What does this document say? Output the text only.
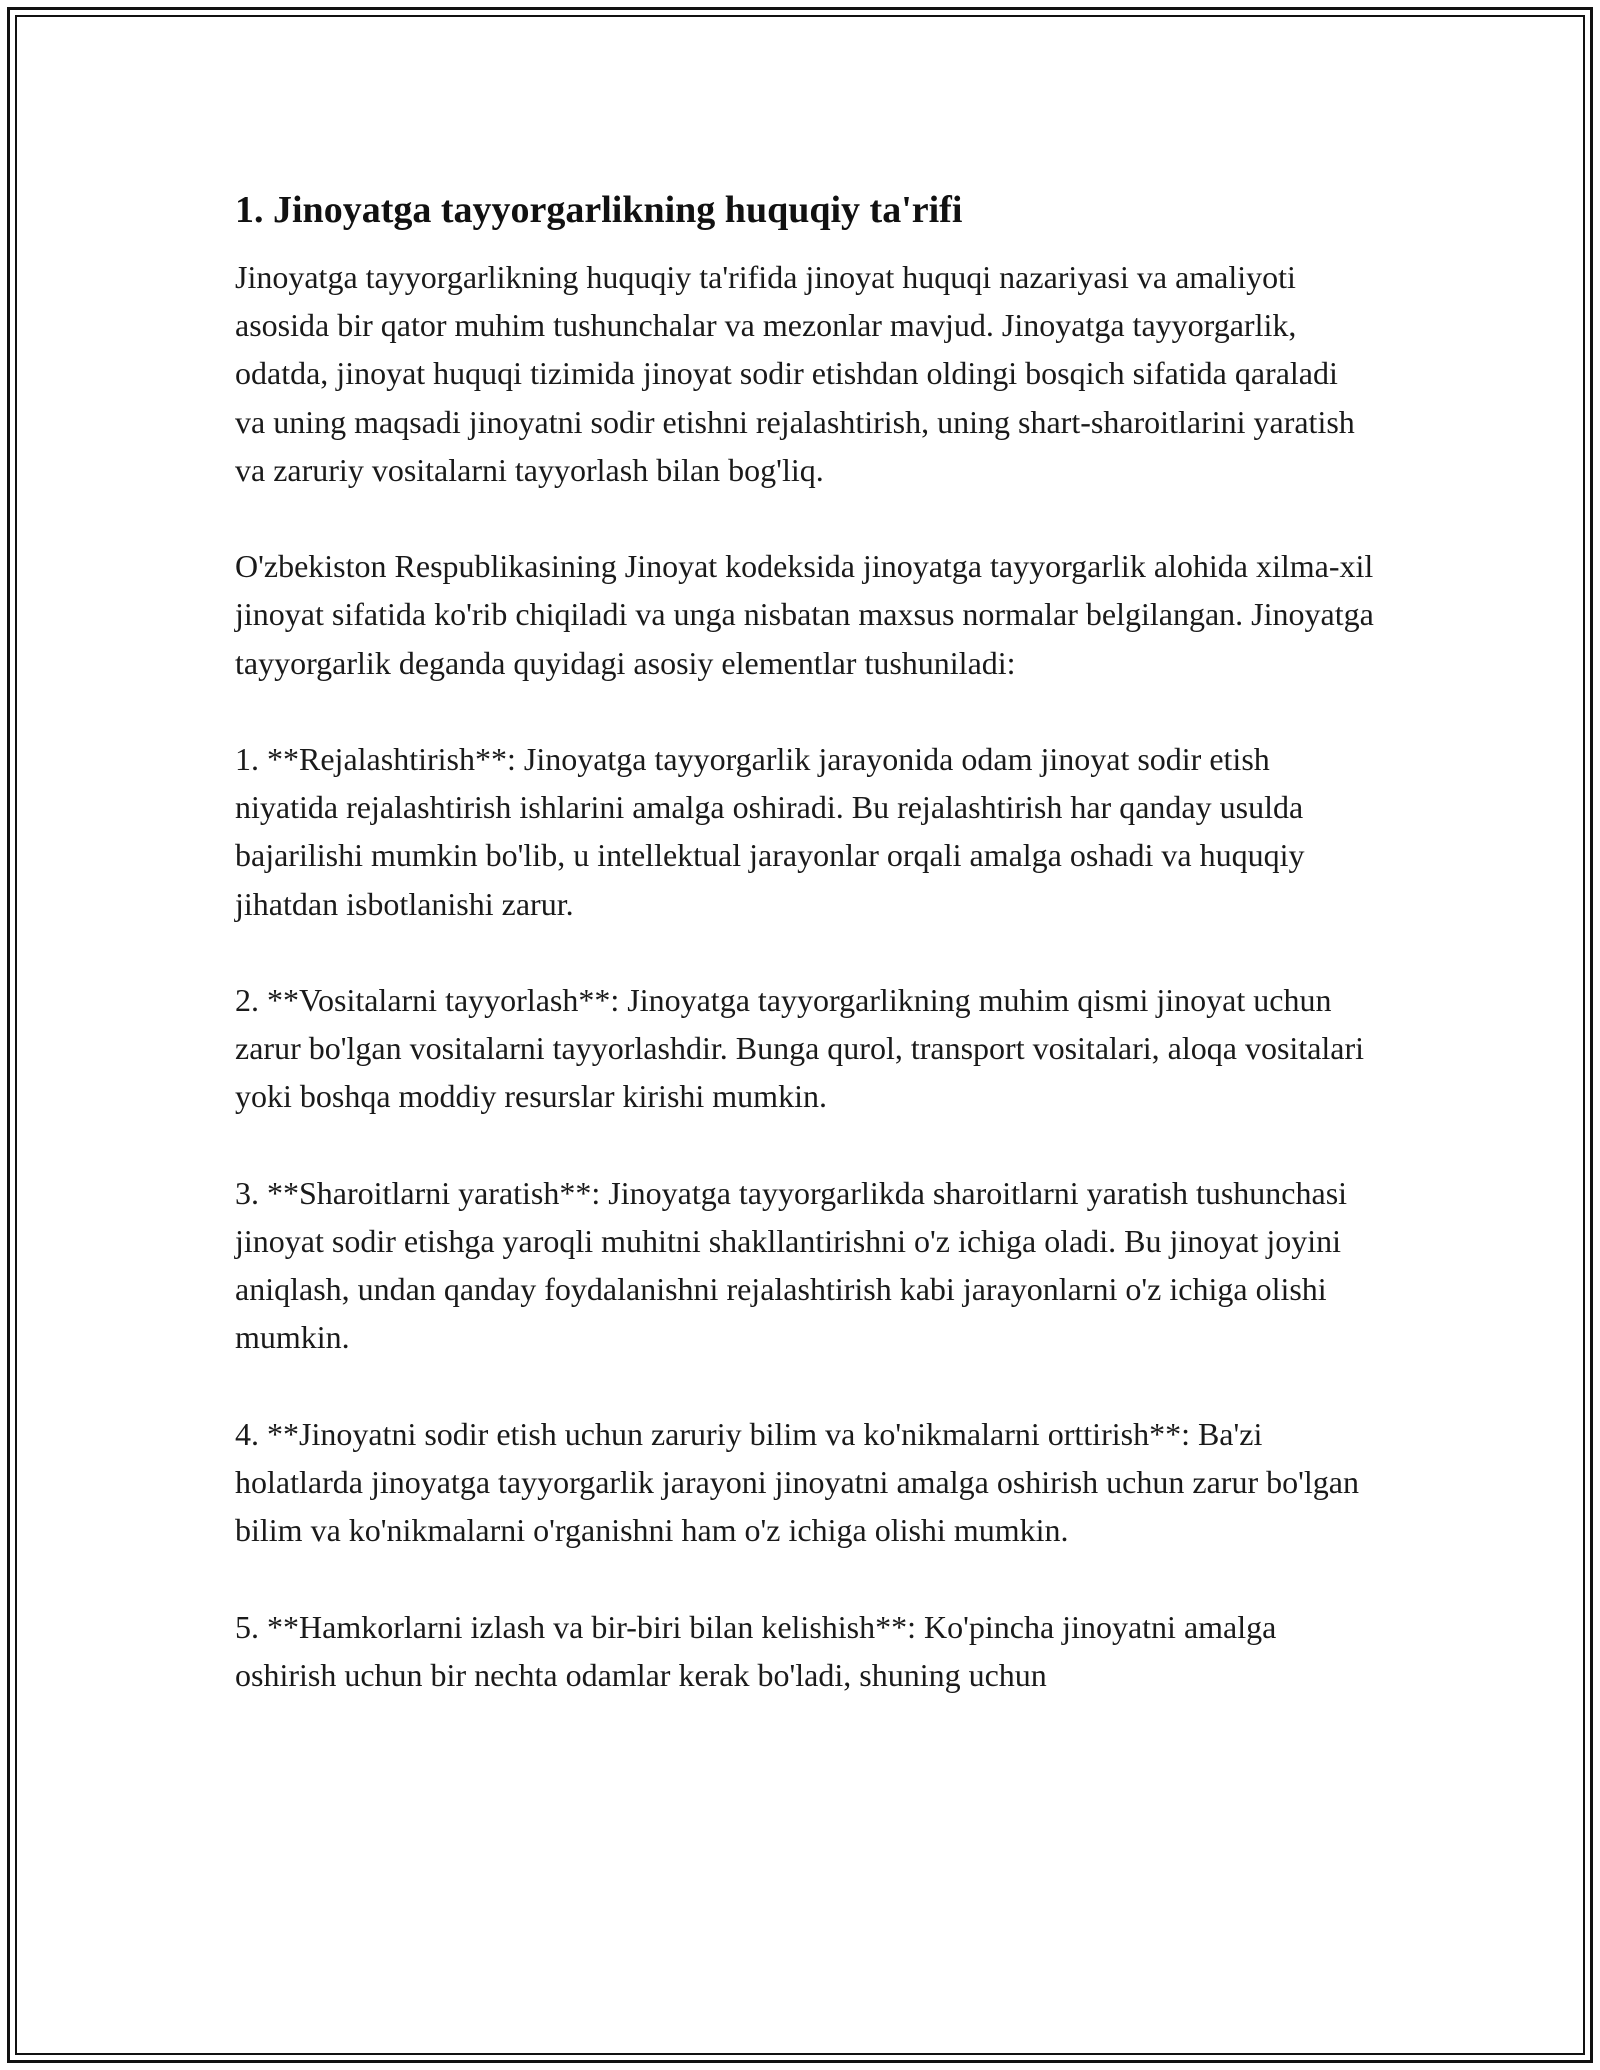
1. Jinoyatga tayyorgarlikning huquqiy ta'rifi

Jinoyatga tayyorgarlikning huquqiy ta'rifida jinoyat huquqi nazariyasi va amaliyoti asosida bir qator muhim tushunchalar va mezonlar mavjud. Jinoyatga tayyorgarlik, odatda, jinoyat huquqi tizimida jinoyat sodir etishdan oldingi bosqich sifatida qaraladi va uning maqsadi jinoyatni sodir etishni rejalashtirish, uning shart-sharoitlarini yaratish va zaruriy vositalarni tayyorlash bilan bog'liq.

O'zbekiston Respublikasining Jinoyat kodeksida jinoyatga tayyorgarlik alohida xilma-xil jinoyat sifatida ko'rib chiqiladi va unga nisbatan maxsus normalar belgilangan. Jinoyatga tayyorgarlik deganda quyidagi asosiy elementlar tushuniladi:

1. **Rejalashtirish**: Jinoyatga tayyorgarlik jarayonida odam jinoyat sodir etish niyatida rejalashtirish ishlarini amalga oshiradi. Bu rejalashtirish har qanday usulda bajarilishi mumkin bo'lib, u intellektual jarayonlar orqali amalga oshadi va huquqiy jihatdan isbotlanishi zarur.

2. **Vositalarni tayyorlash**: Jinoyatga tayyorgarlikning muhim qismi jinoyat uchun zarur bo'lgan vositalarni tayyorlashdir. Bunga qurol, transport vositalari, aloqa vositalari yoki boshqa moddiy resurslar kirishi mumkin.

3. **Sharoitlarni yaratish**: Jinoyatga tayyorgarlikda sharoitlarni yaratish tushunchasi jinoyat sodir etishga yaroqli muhitni shakllantirishni o'z ichiga oladi. Bu jinoyat joyini aniqlash, undan qanday foydalanishni rejalashtirish kabi jarayonlarni o'z ichiga olishi mumkin.

4. **Jinoyatni sodir etish uchun zaruriy bilim va ko'nikmalarni orttirish**: Ba'zi holatlarda jinoyatga tayyorgarlik jarayoni jinoyatni amalga oshirish uchun zarur bo'lgan bilim va ko'nikmalarni o'rganishni ham o'z ichiga olishi mumkin.

5. **Hamkorlarni izlash va bir-biri bilan kelishish**: Ko'pincha jinoyatni amalga oshirish uchun bir nechta odamlar kerak bo'ladi, shuning uchun
